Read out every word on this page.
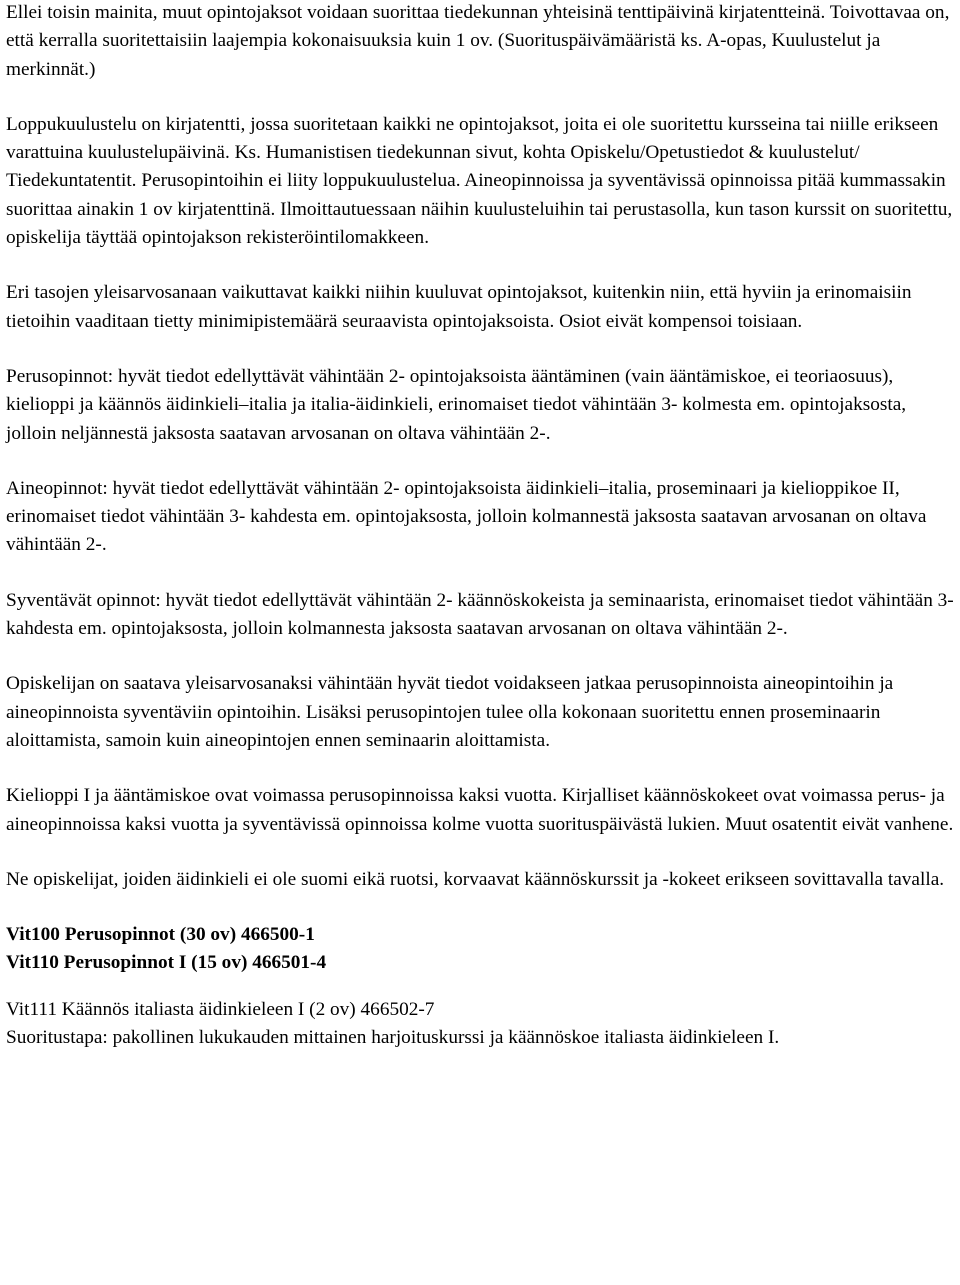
Ellei toisin mainita, muut opintojaksot voidaan suorittaa tiedekunnan yhteisinä tenttipäivinä kirjatentteinä. Toivottavaa on, että kerralla suoritettaisiin laajempia kokonaisuuksia kuin 1 ov. (Suorituspäivämääristä ks. A-opas, Kuulustelut ja merkinnät.)

Loppukuulustelu on kirjatentti, jossa suoritetaan kaikki ne opintojaksot, joita ei ole suoritettu kursseina tai niille erikseen varattuina kuulustelupäivinä. Ks. Humanistisen tiedekunnan sivut, kohta Opiskelu/Opetustiedot & kuulustelut/ Tiedekuntatentit. Perusopintoihin ei liity loppukuulustelua. Aineopinnoissa ja syventävissä opinnoissa pitää kummassakin suorittaa ainakin 1 ov kirjatenttinä. Ilmoittautuessaan näihin kuulusteluihin tai perustasolla, kun tason kurssit on suoritettu, opiskelija täyttää opintojakson rekisteröintilomakkeen.

Eri tasojen yleisarvosanaan vaikuttavat kaikki niihin kuuluvat opintojaksot, kuitenkin niin, että hyviin ja erinomaisiin tietoihin vaaditaan tietty minimipistemäärä seuraavista opintojaksoista. Osiot eivät kompensoi toisiaan.

Perusopinnot: hyvät tiedot edellyttävät vähintään 2- opintojaksoista ääntäminen (vain ääntämiskoe, ei teoriaosuus), kielioppi ja käännös äidinkieli–italia ja italia-äidinkieli, erinomaiset tiedot vähintään 3- kolmesta em. opintojaksosta, jolloin neljännestä jaksosta saatavan arvosanan on oltava vähintään 2-.

Aineopinnot: hyvät tiedot edellyttävät vähintään 2- opintojaksoista äidinkieli–italia, proseminaari ja kielioppikoe II, erinomaiset tiedot vähintään 3- kahdesta em. opintojaksosta, jolloin kolmannestä jaksosta saatavan arvosanan on oltava vähintään 2-.

Syventävät opinnot: hyvät tiedot edellyttävät vähintään 2- käännöskokeista ja seminaarista, erinomaiset tiedot vähintään 3- kahdesta em. opintojaksosta, jolloin kolmannesta jaksosta saatavan arvosanan on oltava vähintään 2-.

Opiskelijan on saatava yleisarvosanaksi vähintään hyvät tiedot voidakseen jatkaa perusopinnoista aineopintoihin ja aineopinnoista syventäviin opintoihin. Lisäksi perusopintojen tulee olla kokonaan suoritettu ennen proseminaarin aloittamista, samoin kuin aineopintojen ennen seminaarin aloittamista.

Kielioppi I ja ääntämiskoe ovat voimassa perusopinnoissa kaksi vuotta. Kirjalliset käännöskokeet ovat voimassa perus- ja aineopinnoissa kaksi vuotta ja syventävissä opinnoissa kolme vuotta suorituspäivästä lukien. Muut osatentit eivät vanhene.

Ne opiskelijat, joiden äidinkieli ei ole suomi eikä ruotsi, korvaavat käännöskurssit ja -kokeet erikseen sovittavalla tavalla.

Vit100 Perusopinnot (30 ov) 466500-1
Vit110 Perusopinnot I (15 ov) 466501-4

Vit111 Käännös italiasta äidinkieleen I (2 ov) 466502-7
Suoritustapa: pakollinen lukukauden mittainen harjoituskurssi ja käännöskoe italiasta äidinkieleen I.
